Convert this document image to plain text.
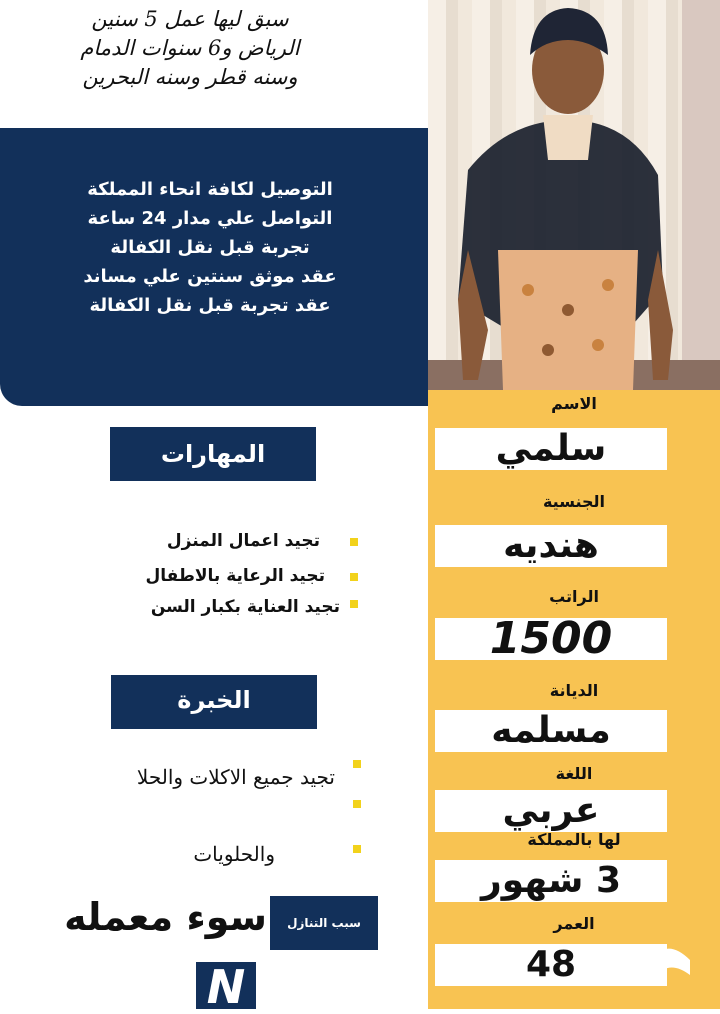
سبق ليها عمل 5 سنين
الرياض و6 سنوات الدمام
وسنه قطر وسنه البحرين
التوصيل لكافة انحاء المملكة
التواصل علي مدار 24 ساعة
تجربة قبل نقل الكفالة
عقد موثق سنتين علي مساند
عقد تجربة قبل نقل الكفالة
الاسم
سلمي
الجنسية
هنديه
الراتب
1500
الديانة
مسلمه
اللغة
عربي
لها بالمملكة
3 شهور
العمر
48
المهارات
تجيد اعمال المنزل
تجيد الرعاية بالاطفال
تجيد العناية بكبار السن
الخبرة
تجيد جميع الاكلات والحلا
والحلويات
سبب التنازل
سوء معمله
N
